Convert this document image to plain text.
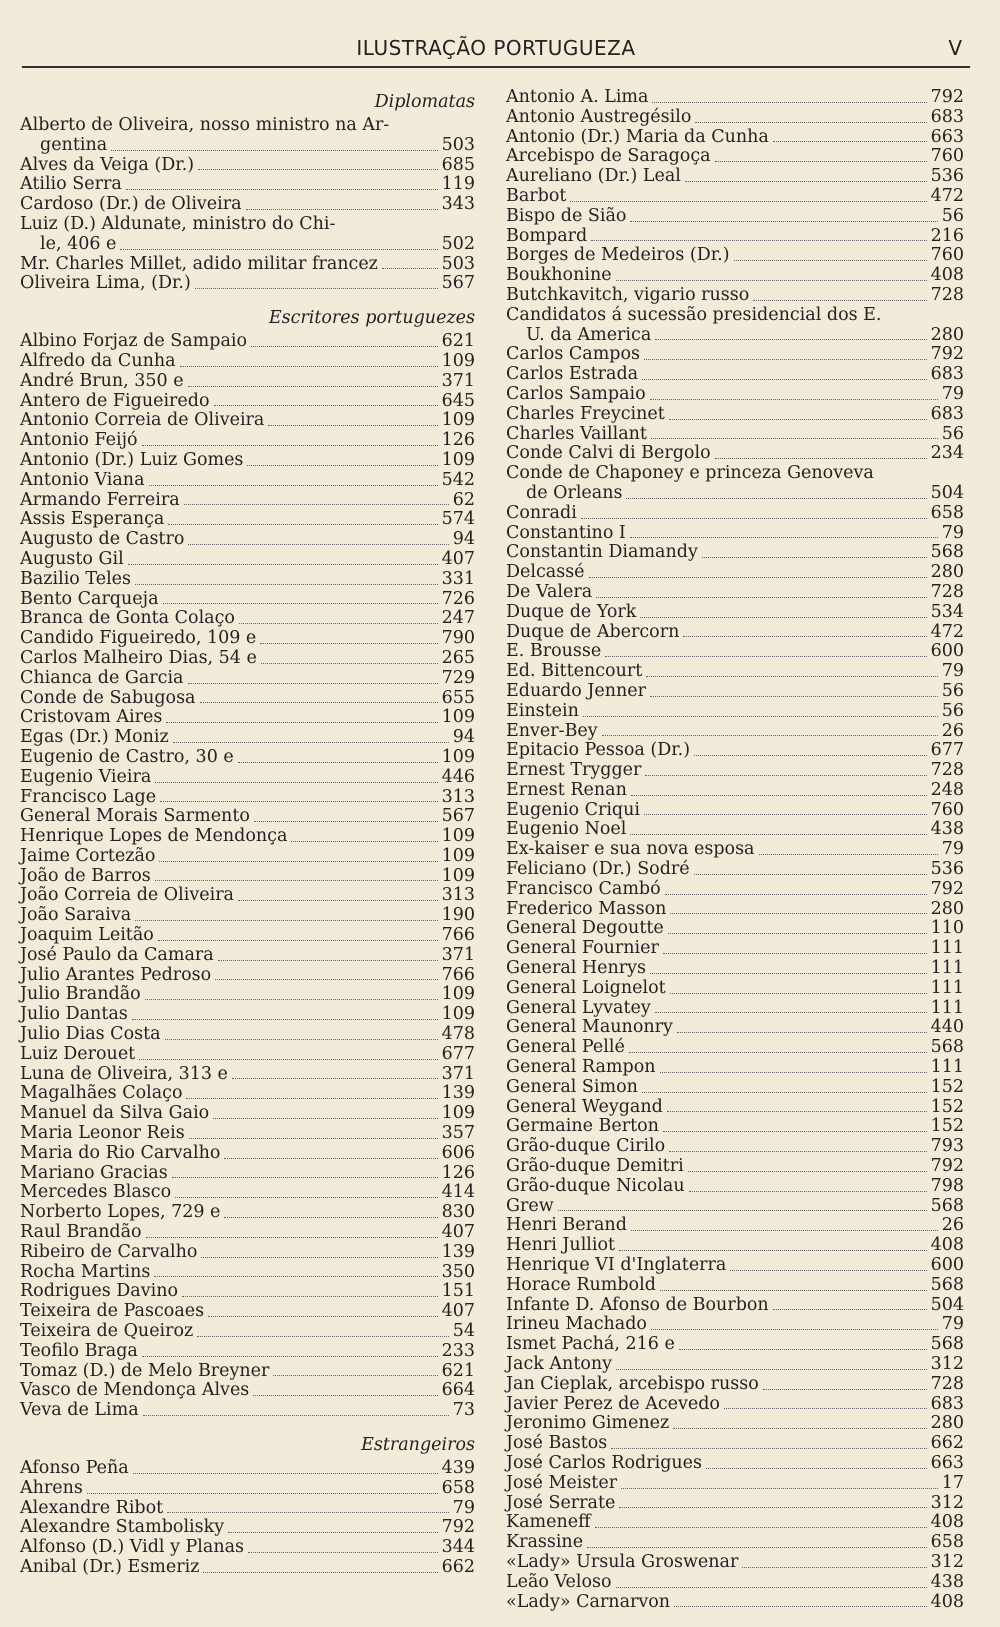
ILUSTRAÇÃO PORTUGUEZA	V
Diplomatas
Alberto de Oliveira, nosso ministro na Ar-
gentina	503
Alves da Veiga (Dr.)	685
Atilio Serra	119
Cardoso (Dr.) de Oliveira	343
Luiz (D.) Aldunate, ministro do Chi-
le, 406 e	502
Mr. Charles Millet, adido militar francez	503
Oliveira Lima, (Dr.)	567
Escritores portuguezes
Albino Forjaz de Sampaio	621
Alfredo da Cunha	109
André Brun, 350 e	371
Antero de Figueiredo	645
Antonio Correia de Oliveira	109
Antonio Feijó	126
Antonio (Dr.) Luiz Gomes	109
Antonio Viana	542
Armando Ferreira	62
Assis Esperança	574
Augusto de Castro	94
Augusto Gil	407
Bazilio Teles	331
Bento Carqueja	726
Branca de Gonta Colaço	247
Candido Figueiredo, 109 e	790
Carlos Malheiro Dias, 54 e	265
Chianca de Garcia	729
Conde de Sabugosa	655
Cristovam Aires	109
Egas (Dr.) Moniz	94
Eugenio de Castro, 30 e	109
Eugenio Vieira	446
Francisco Lage	313
General Morais Sarmento	567
Henrique Lopes de Mendonça	109
Jaime Cortezão	109
João de Barros	109
João Correia de Oliveira	313
João Saraiva	190
Joaquim Leitão	766
José Paulo da Camara	371
Julio Arantes Pedroso	766
Julio Brandão	109
Julio Dantas	109
Julio Dias Costa	478
Luiz Derouet	677
Luna de Oliveira, 313 e	371
Magalhães Colaço	139
Manuel da Silva Gaio	109
Maria Leonor Reis	357
Maria do Rio Carvalho	606
Mariano Gracias	126
Mercedes Blasco	414
Norberto Lopes, 729 e	830
Raul Brandão	407
Ribeiro de Carvalho	139
Rocha Martins	350
Rodrigues Davino	151
Teixeira de Pascoaes	407
Teixeira de Queiroz	54
Teofilo Braga	233
Tomaz (D.) de Melo Breyner	621
Vasco de Mendonça Alves	664
Veva de Lima	73
Estrangeiros
Afonso Peña	439
Ahrens	658
Alexandre Ribot	79
Alexandre Stambolisky	792
Alfonso (D.) Vidl y Planas	344
Anibal (Dr.) Esmeriz	662
Antonio A. Lima	792
Antonio Austregésilo	683
Antonio (Dr.) Maria da Cunha	663
Arcebispo de Saragoça	760
Aureliano (Dr.) Leal	536
Barbot	472
Bispo de Sião	56
Bompard	216
Borges de Medeiros (Dr.)	760
Boukhonine	408
Butchkavitch, vigario russo	728
Candidatos á sucessão presidencial dos E.
U. da America	280
Carlos Campos	792
Carlos Estrada	683
Carlos Sampaio	79
Charles Freycinet	683
Charles Vaillant	56
Conde Calvi di Bergolo	234
Conde de Chaponey e princeza Genoveva
de Orleans	504
Conradi	658
Constantino I	79
Constantin Diamandy	568
Delcassé	280
De Valera	728
Duque de York	534
Duque de Abercorn	472
E. Brousse	600
Ed. Bittencourt	79
Eduardo Jenner	56
Einstein	56
Enver-Bey	26
Epitacio Pessoa (Dr.)	677
Ernest Trygger	728
Ernest Renan	248
Eugenio Criqui	760
Eugenio Noel	438
Ex-kaiser e sua nova esposa	79
Feliciano (Dr.) Sodré	536
Francisco Cambó	792
Frederico Masson	280
General Degoutte	110
General Fournier	111
General Henrys	111
General Loignelot	111
General Lyvatey	111
General Maunonry	440
General Pellé	568
General Rampon	111
General Simon	152
General Weygand	152
Germaine Berton	152
Grão-duque Cirilo	793
Grão-duque Demitri	792
Grão-duque Nicolau	798
Grew	568
Henri Berand	26
Henri Julliot	408
Henrique VI d'Inglaterra	600
Horace Rumbold	568
Infante D. Afonso de Bourbon	504
Irineu Machado	79
Ismet Pachá, 216 e	568
Jack Antony	312
Jan Cieplak, arcebispo russo	728
Javier Perez de Acevedo	683
Jeronimo Gimenez	280
José Bastos	662
José Carlos Rodrigues	663
José Meister	17
José Serrate	312
Kameneff	408
Krassine	658
«Lady» Ursula Groswenar	312
Leão Veloso	438
«Lady» Carnarvon	408
